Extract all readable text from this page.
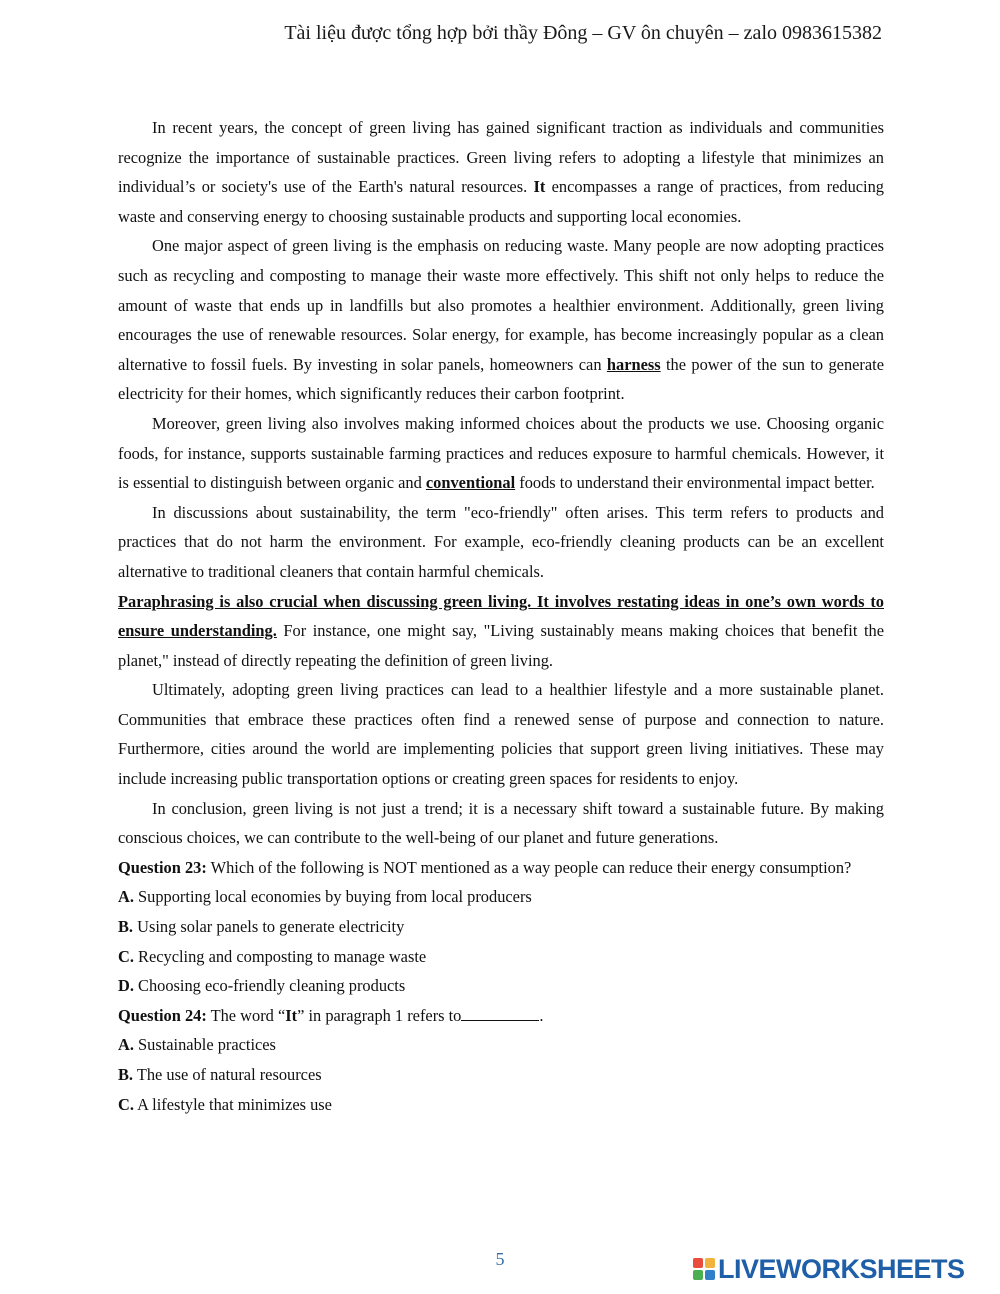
Tài liệu được tổng hợp bởi thầy Đông – GV ôn chuyên – zalo 0983615382

In recent years, the concept of green living has gained significant traction as individuals and communities recognize the importance of sustainable practices. Green living refers to adopting a lifestyle that minimizes an individual’s or society's use of the Earth's natural resources. It encompasses a range of practices, from reducing waste and conserving energy to choosing sustainable products and supporting local economies.

One major aspect of green living is the emphasis on reducing waste. Many people are now adopting practices such as recycling and composting to manage their waste more effectively. This shift not only helps to reduce the amount of waste that ends up in landfills but also promotes a healthier environment. Additionally, green living encourages the use of renewable resources. Solar energy, for example, has become increasingly popular as a clean alternative to fossil fuels. By investing in solar panels, homeowners can harness the power of the sun to generate electricity for their homes, which significantly reduces their carbon footprint.

Moreover, green living also involves making informed choices about the products we use. Choosing organic foods, for instance, supports sustainable farming practices and reduces exposure to harmful chemicals. However, it is essential to distinguish between organic and conventional foods to understand their environmental impact better.

In discussions about sustainability, the term "eco-friendly" often arises. This term refers to products and practices that do not harm the environment. For example, eco-friendly cleaning products can be an excellent alternative to traditional cleaners that contain harmful chemicals.

Paraphrasing is also crucial when discussing green living. It involves restating ideas in one’s own words to ensure understanding. For instance, one might say, "Living sustainably means making choices that benefit the planet," instead of directly repeating the definition of green living.

Ultimately, adopting green living practices can lead to a healthier lifestyle and a more sustainable planet. Communities that embrace these practices often find a renewed sense of purpose and connection to nature. Furthermore, cities around the world are implementing policies that support green living initiatives. These may include increasing public transportation options or creating green spaces for residents to enjoy.

In conclusion, green living is not just a trend; it is a necessary shift toward a sustainable future. By making conscious choices, we can contribute to the well-being of our planet and future generations.

Question 23: Which of the following is NOT mentioned as a way people can reduce their energy consumption?

A. Supporting local economies by buying from local producers

B. Using solar panels to generate electricity

C. Recycling and composting to manage waste

D. Choosing eco-friendly cleaning products

Question 24: The word “It” in paragraph 1 refers to	.

A. Sustainable practices

B. The use of natural resources

C. A lifestyle that minimizes use

5	LIVEWORKSHEETS
